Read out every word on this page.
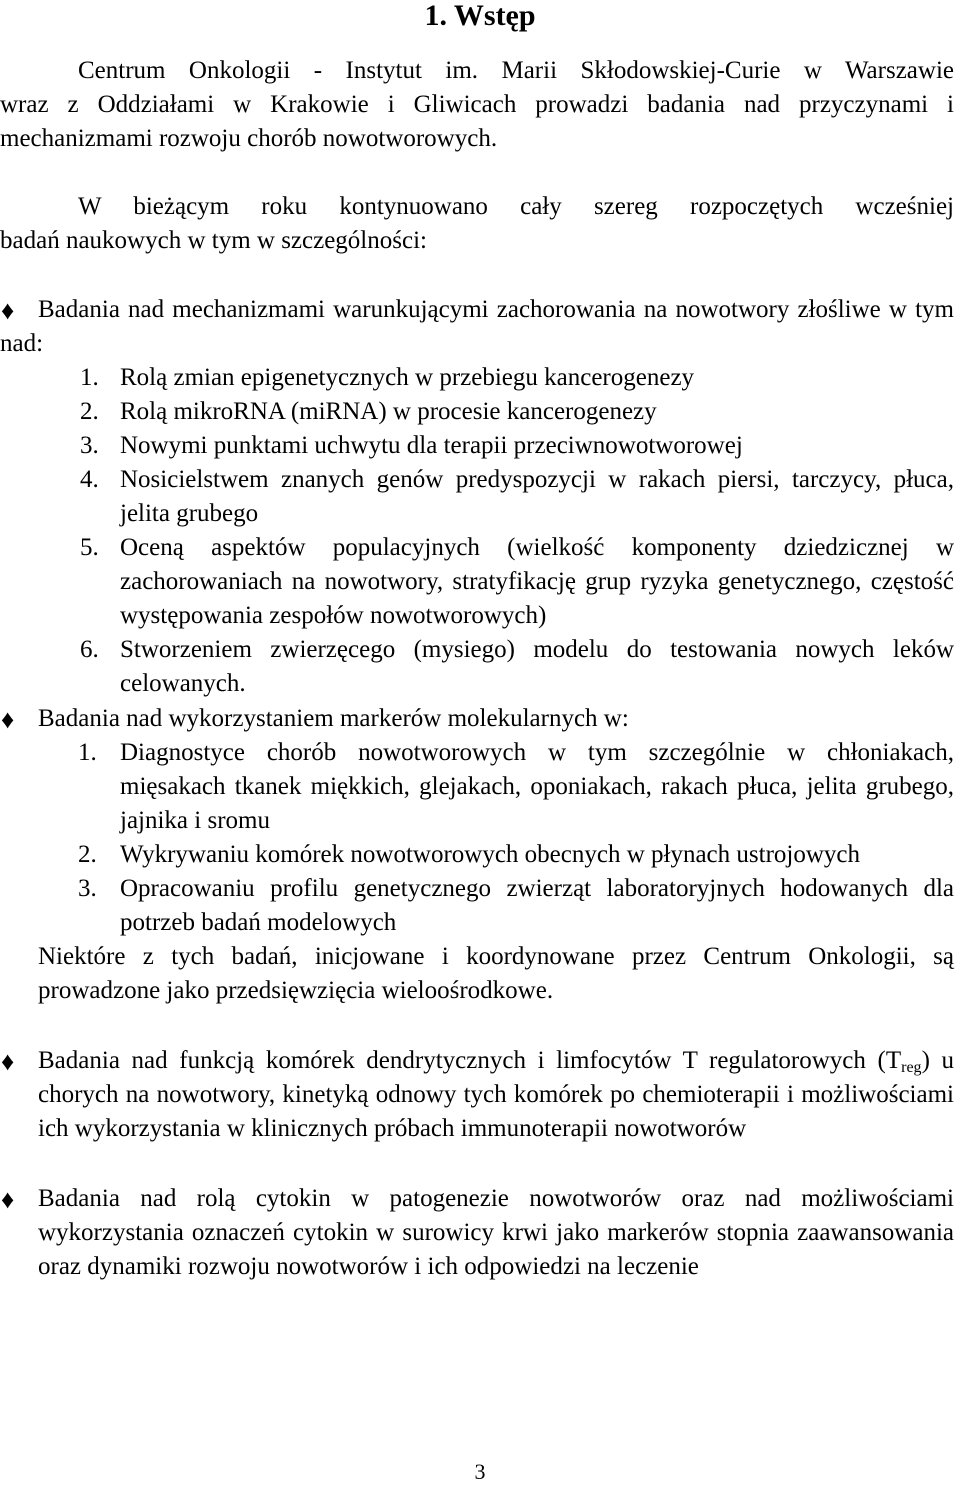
1. Wstęp
Centrum Onkologii - Instytut im. Marii Skłodowskiej-Curie w Warszawie
wraz z Oddziałami w Krakowie i Gliwicach prowadzi badania nad przyczynami i mechanizmami rozwoju chorób nowotworowych.
W bieżącym roku kontynuowano cały szereg rozpoczętych wcześniej
badań naukowych w tym w szczególności:
♦ Badania nad mechanizmami warunkującymi zachorowania na nowotwory złośliwe w tym nad:
1. Rolą zmian epigenetycznych w przebiegu kancerogenezy
2. Rolą mikroRNA (miRNA) w procesie kancerogenezy
3. Nowymi punktami uchwytu dla terapii przeciwnowotworowej
4. Nosicielstwem znanych genów predyspozycji w rakach piersi, tarczycy, płuca, jelita grubego
5. Oceną aspektów populacyjnych (wielkość komponenty dziedzicznej w zachorowaniach na nowotwory, stratyfikację grup ryzyka genetycznego, częstość występowania zespołów nowotworowych)
6. Stworzeniem zwierzęcego (mysiego) modelu do testowania nowych leków celowanych.
♦ Badania nad wykorzystaniem markerów molekularnych w:
1. Diagnostyce chorób nowotworowych w tym szczególnie w chłoniakach, mięsakach tkanek miękkich, glejakach, oponiakach, rakach płuca, jelita grubego, jajnika i sromu
2. Wykrywaniu komórek nowotworowych obecnych w płynach ustrojowych
3. Opracowaniu profilu genetycznego zwierząt laboratoryjnych hodowanych dla potrzeb badań modelowych
Niektóre z tych badań, inicjowane i koordynowane przez Centrum Onkologii, są prowadzone jako przedsięwzięcia wieloośrodkowe.
♦ Badania nad funkcją komórek dendrytycznych i limfocytów T regulatorowych $(T_{reg})$ u chorych na nowotwory, kinetyką odnowy tych komórek po chemioterapii i możliwościami ich wykorzystania w klinicznych próbach immunoterapii nowotworów
♦ Badania nad rolą cytokin w patogenezie nowotworów oraz nad możliwościami wykorzystania oznaczeń cytokin w surowicy krwi jako markerów stopnia zaawansowania oraz dynamiki rozwoju nowotworów i ich odpowiedzi na leczenie
3
